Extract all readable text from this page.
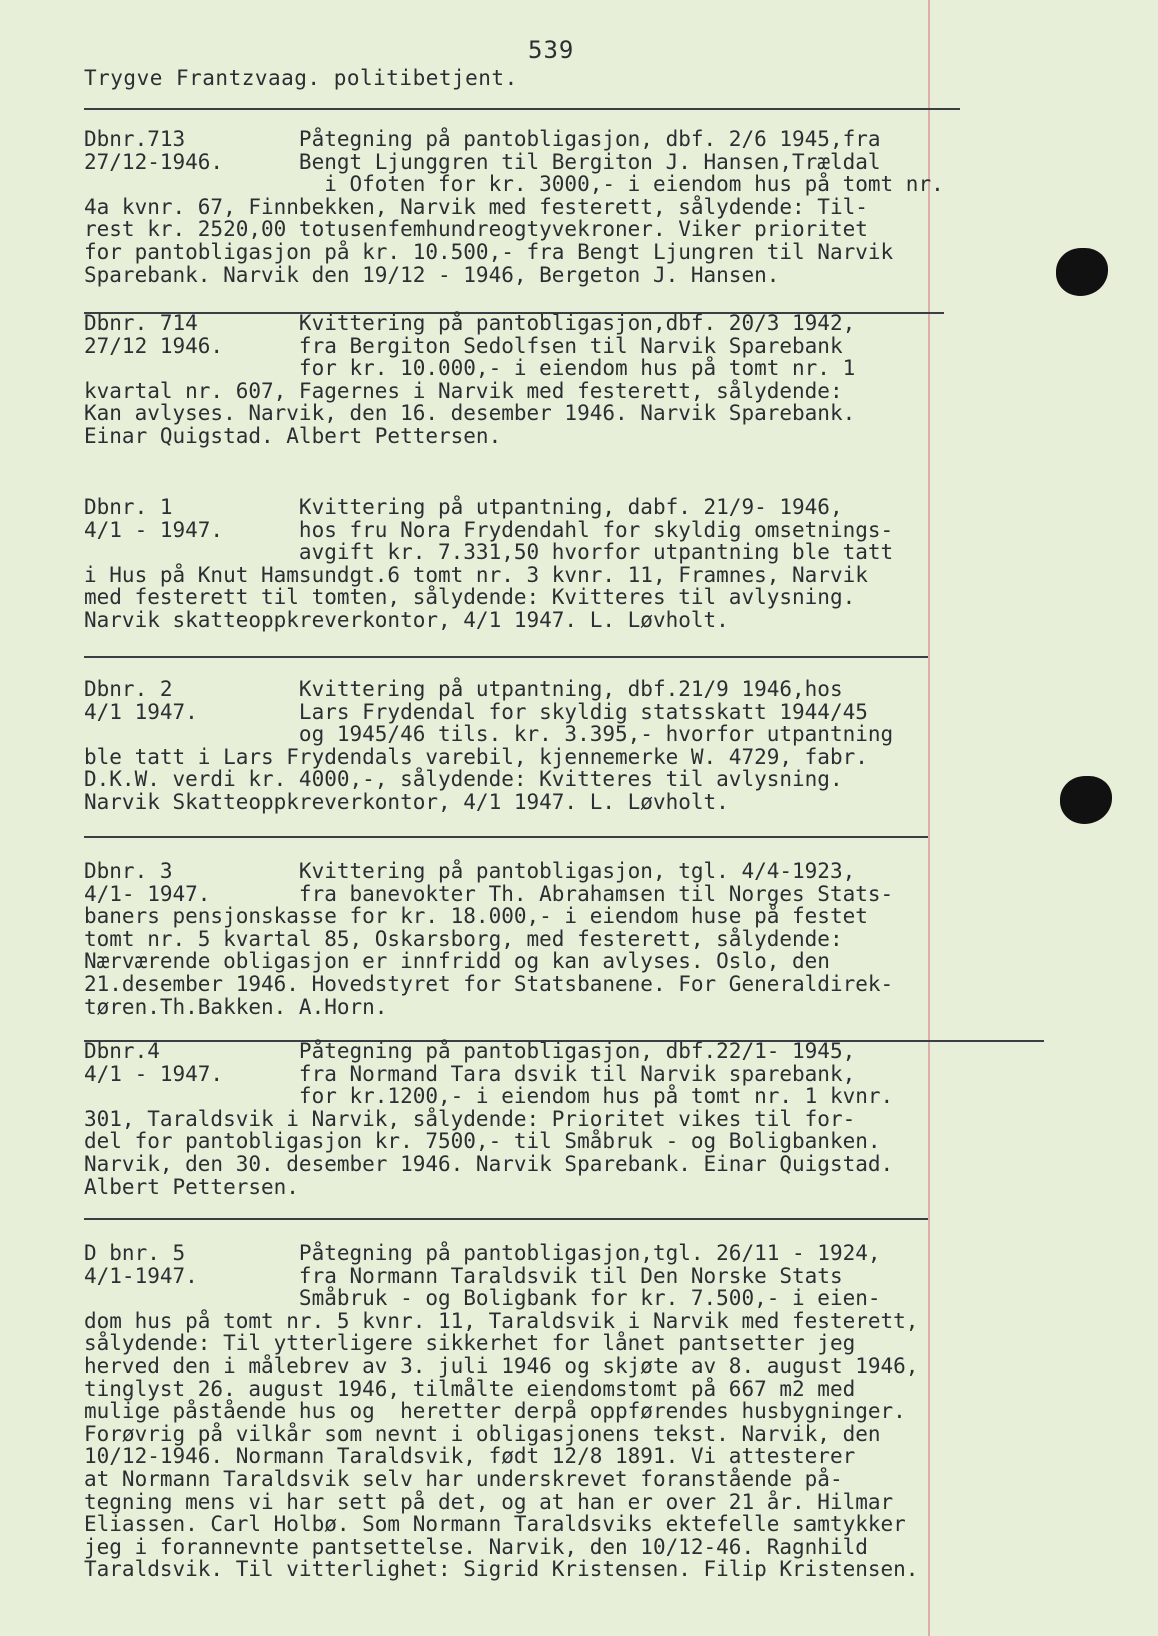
539
Trygve Frantzvaag. politibetjent.
Dbnr.713         Påtegning på pantobligasjon, dbf. 2/6 1945,fra
27/12-1946.      Bengt Ljunggren til Bergiton J. Hansen,Trældal
i Ofoten for kr. 3000,- i eiendom hus på tomt nr.
4a kvnr. 67, Finnbekken, Narvik med festerett, sålydende: Til-
rest kr. 2520,00 totusenfemhundreogtyvekroner. Viker prioritet
for pantobligasjon på kr. 10.500,- fra Bengt Ljungren til Narvik
Sparebank. Narvik den 19/12 - 1946, Bergeton J. Hansen.
Dbnr. 714        Kvittering på pantobligasjon,dbf. 20/3 1942,
27/12 1946.      fra Bergiton Sedolfsen til Narvik Sparebank
for kr. 10.000,- i eiendom hus på tomt nr. 1
kvartal nr. 607, Fagernes i Narvik med festerett, sålydende:
Kan avlyses. Narvik, den 16. desember 1946. Narvik Sparebank.
Einar Quigstad. Albert Pettersen.
Dbnr. 1          Kvittering på utpantning, dabf. 21/9- 1946,
4/1 - 1947.      hos fru Nora Frydendahl for skyldig omsetnings-
avgift kr. 7.331,50 hvorfor utpantning ble tatt
i Hus på Knut Hamsundgt.6 tomt nr. 3 kvnr. 11, Framnes, Narvik
med festerett til tomten, sålydende: Kvitteres til avlysning.
Narvik skatteoppkreverkontor, 4/1 1947. L. Løvholt.
Dbnr. 2          Kvittering på utpantning, dbf.21/9 1946,hos
4/1 1947.        Lars Frydendal for skyldig statsskatt 1944/45
og 1945/46 tils. kr. 3.395,- hvorfor utpantning
ble tatt i Lars Frydendals varebil, kjennemerke W. 4729, fabr.
D.K.W. verdi kr. 4000,-, sålydende: Kvitteres til avlysning.
Narvik Skatteoppkreverkontor, 4/1 1947. L. Løvholt.
Dbnr. 3          Kvittering på pantobligasjon, tgl. 4/4-1923,
4/1- 1947.       fra banevokter Th. Abrahamsen til Norges Stats-
baners pensjonskasse for kr. 18.000,- i eiendom huse på festet
tomt nr. 5 kvartal 85, Oskarsborg, med festerett, sålydende:
Nærværende obligasjon er innfridd og kan avlyses. Oslo, den
21.desember 1946. Hovedstyret for Statsbanene. For Generaldirek-
tøren.Th.Bakken. A.Horn.
Dbnr.4           Påtegning på pantobligasjon, dbf.22/1- 1945,
4/1 - 1947.      fra Normand Tara dsvik til Narvik sparebank,
for kr.1200,- i eiendom hus på tomt nr. 1 kvnr.
301, Taraldsvik i Narvik, sålydende: Prioritet vikes til for-
del for pantobligasjon kr. 7500,- til Småbruk - og Boligbanken.
Narvik, den 30. desember 1946. Narvik Sparebank. Einar Quigstad.
Albert Pettersen.
D bnr. 5         Påtegning på pantobligasjon,tgl. 26/11 - 1924,
4/1-1947.        fra Normann Taraldsvik til Den Norske Stats
Småbruk - og Boligbank for kr. 7.500,- i eien-
dom hus på tomt nr. 5 kvnr. 11, Taraldsvik i Narvik med festerett,
sålydende: Til ytterligere sikkerhet for lånet pantsetter jeg
herved den i målebrev av 3. juli 1946 og skjøte av 8. august 1946,
tinglyst 26. august 1946, tilmålte eiendomstomt på 667 m2 med
mulige påstående hus og  heretter derpå oppførendes husbygninger.
Forøvrig på vilkår som nevnt i obligasjonens tekst. Narvik, den
10/12-1946. Normann Taraldsvik, født 12/8 1891. Vi attesterer
at Normann Taraldsvik selv har underskrevet foranstående på-
tegning mens vi har sett på det, og at han er over 21 år. Hilmar
Eliassen. Carl Holbø. Som Normann Taraldsviks ektefelle samtykker
jeg i forannevnte pantsettelse. Narvik, den 10/12-46. Ragnhild
Taraldsvik. Til vitterlighet: Sigrid Kristensen. Filip Kristensen.
